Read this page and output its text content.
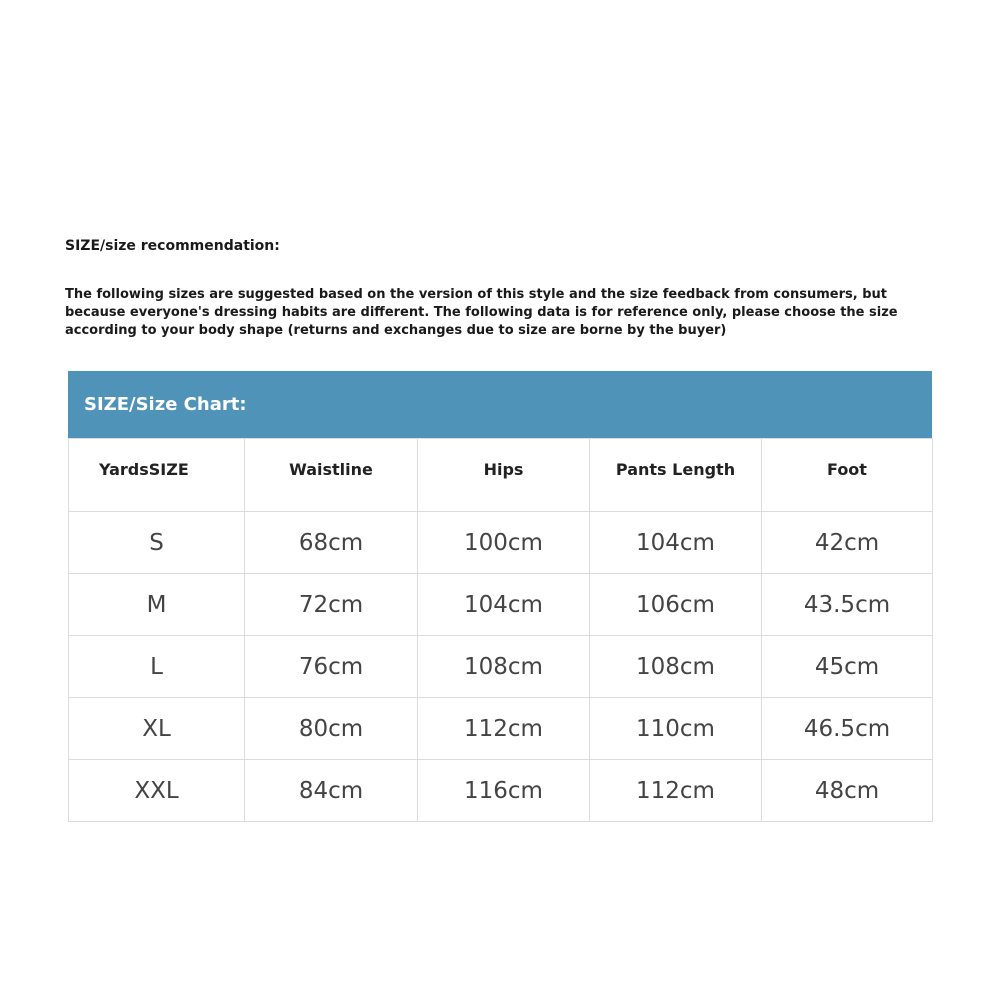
SIZE/size recommendation:
The following sizes are suggested based on the version of this style and the size feedback from consumers, but
because everyone's dressing habits are different. The following data is for reference only, please choose the size
according to your body shape (returns and exchanges due to size are borne by the buyer)
SIZE/Size Chart:
YardsSIZE	Waistline	Hips	Pants Length	Foot
S	68cm	100cm	104cm	42cm
M	72cm	104cm	106cm	43.5cm
L	76cm	108cm	108cm	45cm
XL	80cm	112cm	110cm	46.5cm
XXL	84cm	116cm	112cm	48cm
